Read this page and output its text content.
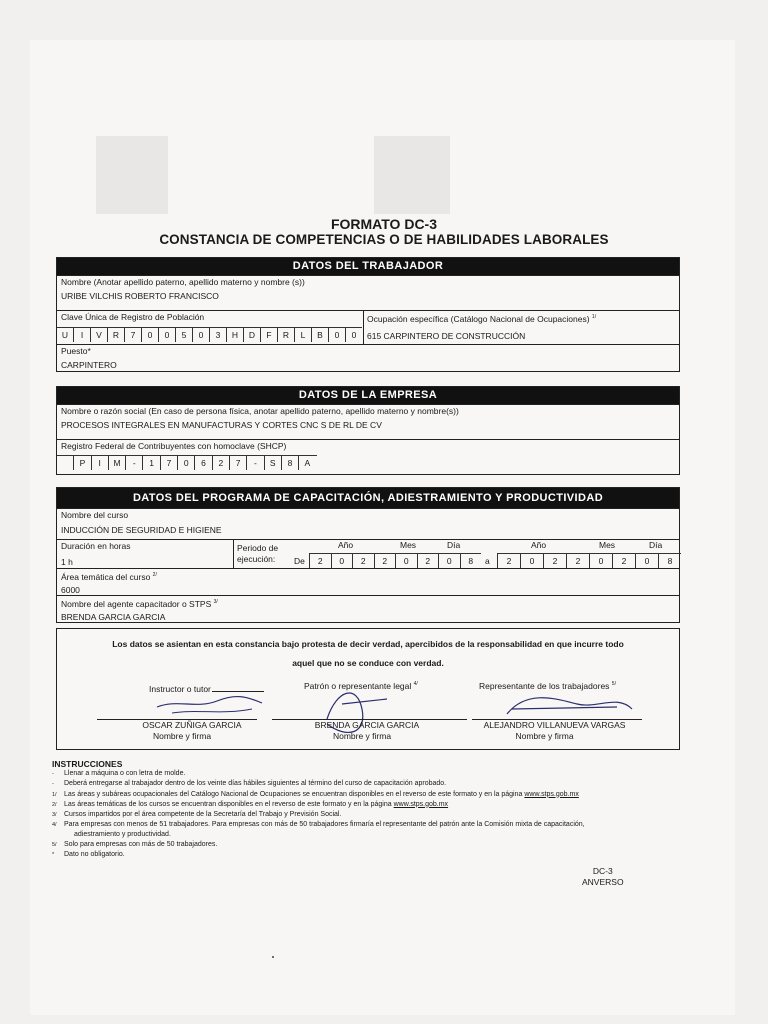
FORMATO DC-3
CONSTANCIA DE COMPETENCIAS O DE HABILIDADES LABORALES
DATOS DEL TRABAJADOR
Nombre (Anotar apellido paterno, apellido materno y nombre (s))
URIBE VILCHIS ROBERTO FRANCISCO
Clave Única de Registro de Población
U	I	V	R	7	0	0	5	0	3	H	D	F	R	L	B	0	0
Ocupación específica (Catálogo Nacional de Ocupaciones) $^{1/}$
615 CARPINTERO DE CONSTRUCCIÓN
Puesto*
CARPINTERO
DATOS DE LA EMPRESA
Nombre o razón social (En caso de persona física, anotar apellido paterno, apellido materno y nombre(s))
PROCESOS INTEGRALES EN MANUFACTURAS Y CORTES CNC S DE RL DE CV
Registro Federal de Contribuyentes con homoclave (SHCP)
P	I	M	-	1	7	0	6	2	7	-	S	8	A
DATOS DEL PROGRAMA DE CAPACITACIÓN, ADIESTRAMIENTO Y PRODUCTIVIDAD
Nombre del curso
INDUCCIÓN DE SEGURIDAD E HIGIENE
Duración en horas
1 h
Periodo de
ejecución:	De
Año	Mes	Día
2	0	2	2	0	2	0	8	a
Año	Mes	Día
2	0	2	2	0	2	0	8
Área temática del curso $^{2/}$
6000
Nombre del agente capacitador o STPS $^{3/}$
BRENDA GARCIA GARCIA
Los datos se asientan en esta constancia bajo protesta de decir verdad, apercibidos de la responsabilidad en que incurre todo
aquel que no se conduce con verdad.
Instructor o tutor	Patrón o representante legal $^{4/}$	Representante de los trabajadores $^{5/}$
OSCAR ZUÑIGA GARCIA	BRENDA GARCIA GARCIA	ALEJANDRO VILLANUEVA VARGAS
Nombre y firma	Nombre y firma	Nombre y firma
INSTRUCCIONES
- Llenar a máquina o con letra de molde.
- Deberá entregarse al trabajador dentro de los veinte días hábiles siguientes al término del curso de capacitación aprobado.
1/ Las áreas y subáreas ocupacionales del Catálogo Nacional de Ocupaciones se encuentran disponibles en el reverso de este formato y en la página www.stps.gob.mx
2/ Las áreas temáticas de los cursos se encuentran disponibles en el reverso de este formato y en la página www.stps.gob.mx
3/ Cursos impartidos por el área competente de la Secretaría del Trabajo y Previsión Social.
4/ Para empresas con menos de 51 trabajadores. Para empresas con más de 50 trabajadores firmaría el representante del patrón ante la Comisión mixta de capacitación,
adiestramiento y productividad.
5/ Solo para empresas con más de 50 trabajadores.
* Dato no obligatorio.
DC-3
ANVERSO
